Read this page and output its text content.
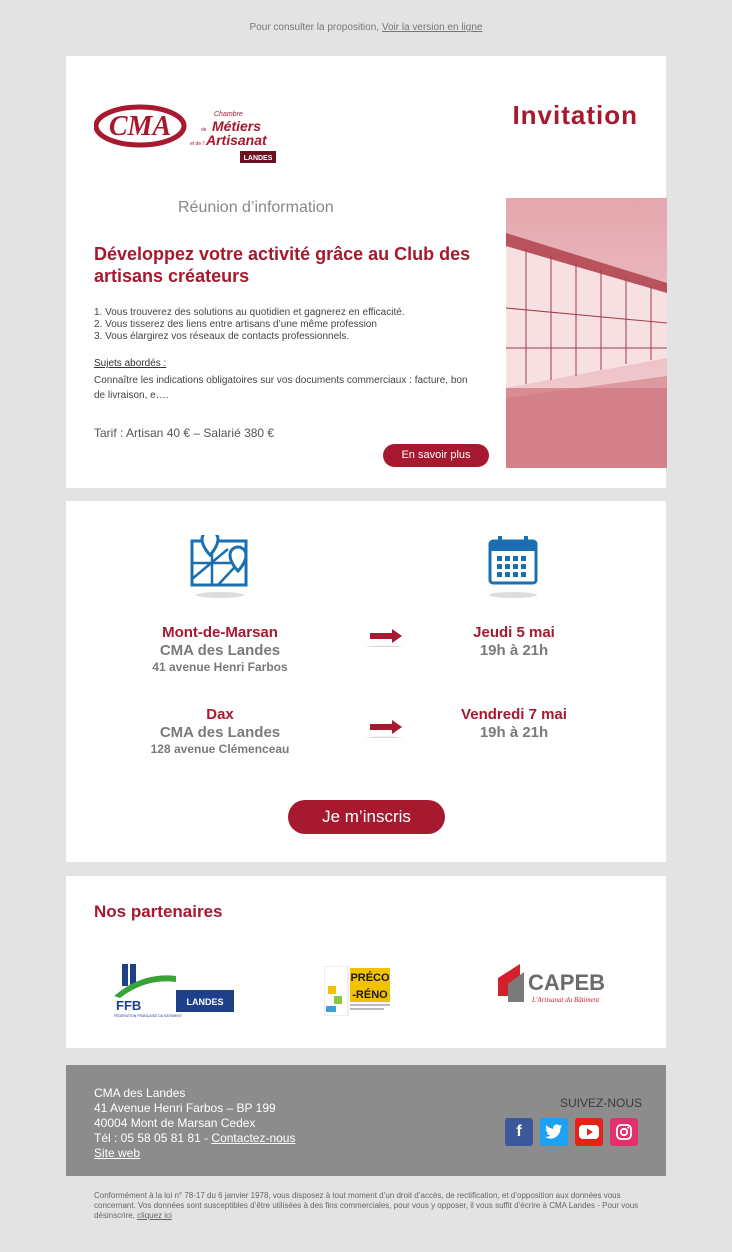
Pour consulter la proposition, Voir la version en ligne
CMA	Chambre
de Métiers
et de l' Artisanat
LANDES
Invitation
Réunion d’information
Développez votre activité grâce au Club des artisans créateurs
1. Vous trouverez des solutions au quotidien et gagnerez en efficacité.
2. Vous tisserez des liens entre artisans d’une même profession
3. Vous élargirez vos réseaux de contacts professionnels.
Sujets abordés :
Connaître les indications obligatoires sur vos documents commerciaux : facture, bon de livraison, e….
Tarif : Artisan 40 € – Salarié 380 €
En savoir plus
Mont-de-Marsan
CMA des Landes
41 avenue Henri Farbos
Jeudi 5 mai
19h à 21h
Dax
CMA des Landes
128 avenue Clémenceau
Vendredi 7 mai
19h à 21h
Je m’inscris
Nos partenaires
FFB	LANDES
FÉDÉRATION FRANÇAISE DU BÂTIMENT
PRÉCO
-RÉNO	CAPEB
L'Artisanat du Bâtiment
CMA des Landes
41 Avenue Henri Farbos – BP 199
40004 Mont de Marsan Cedex
Tél : 05 58 05 81 81 - Contactez-nous
Site web
SUIVEZ-NOUS
f
Conformément à la loi n° 78-17 du 6 janvier 1978, vous disposez à tout moment d’un droit d’accès, de rectification, et d’opposition aux données vous concernant. Vos données sont susceptibles d’être utilisées à des fins commerciales, pour vous y opposer, il vous suffit d’écrire à CMA Landes - Pour vous désinscrire, cliquez ici
